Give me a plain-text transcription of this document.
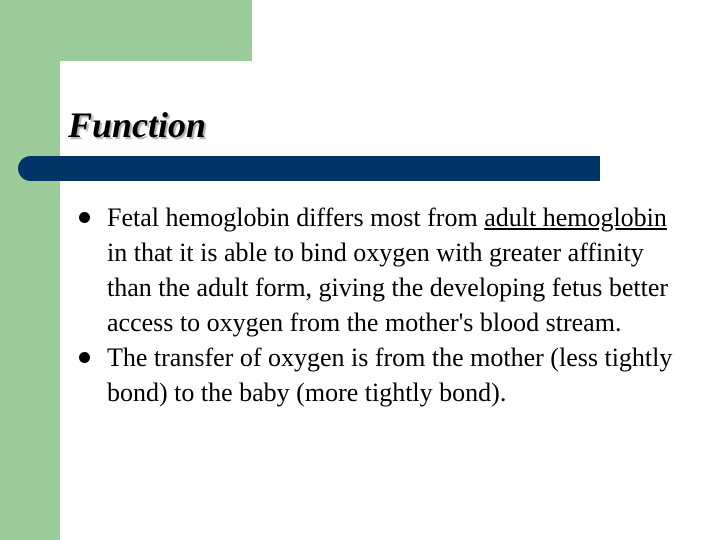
Function
Fetal hemoglobin differs most from adult hemoglobin in that it is able to bind oxygen with greater affinity than the adult form, giving the developing fetus better access to oxygen from the mother's blood stream.
The transfer of oxygen is from the mother (less tightly bond) to the baby (more tightly bond).
